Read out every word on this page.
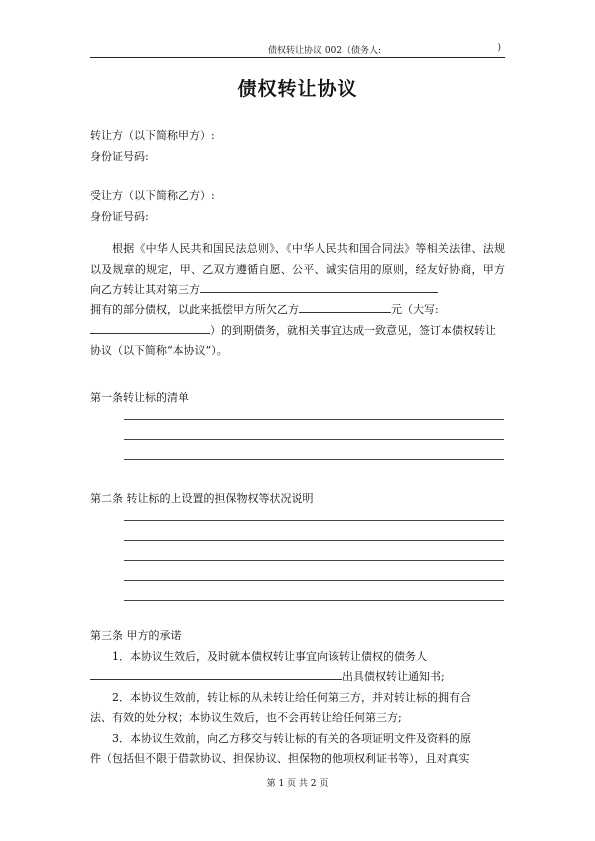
债权转让协议 002（债务人:	)
债权转让协议
转让方（以下简称甲方）:
身份证号码:
受让方（以下简称乙方）:
身份证号码:
根据《中华人民共和国民法总则》、《中华人民共和国合同法》等相关法律、法规以及规章的规定，甲、乙双方遵循自愿、公平、诚实信用的原则，经友好协商，甲方向乙方转让其对第三方
拥有的部分债权，以此来抵偿甲方所欠乙方	元（大写:
）的到期债务，就相关事宜达成一致意见，签订本债权转让协议（以下简称“本协议”）。
第一条转让标的清单
第二条 转让标的上设置的担保物权等状况说明
第三条 甲方的承诺
1．本协议生效后，及时就本债权转让事宜向该转让债权的债务人
出具债权转让通知书;
2．本协议生效前，转让标的从未转让给任何第三方，并对转让标的拥有合
法、有效的处分权；本协议生效后，也不会再转让给任何第三方;
3．本协议生效前，向乙方移交与转让标的有关的各项证明文件及资料的原
件（包括但不限于借款协议、担保协议、担保物的他项权利证书等），且对真实
第 1 页 共 2 页
